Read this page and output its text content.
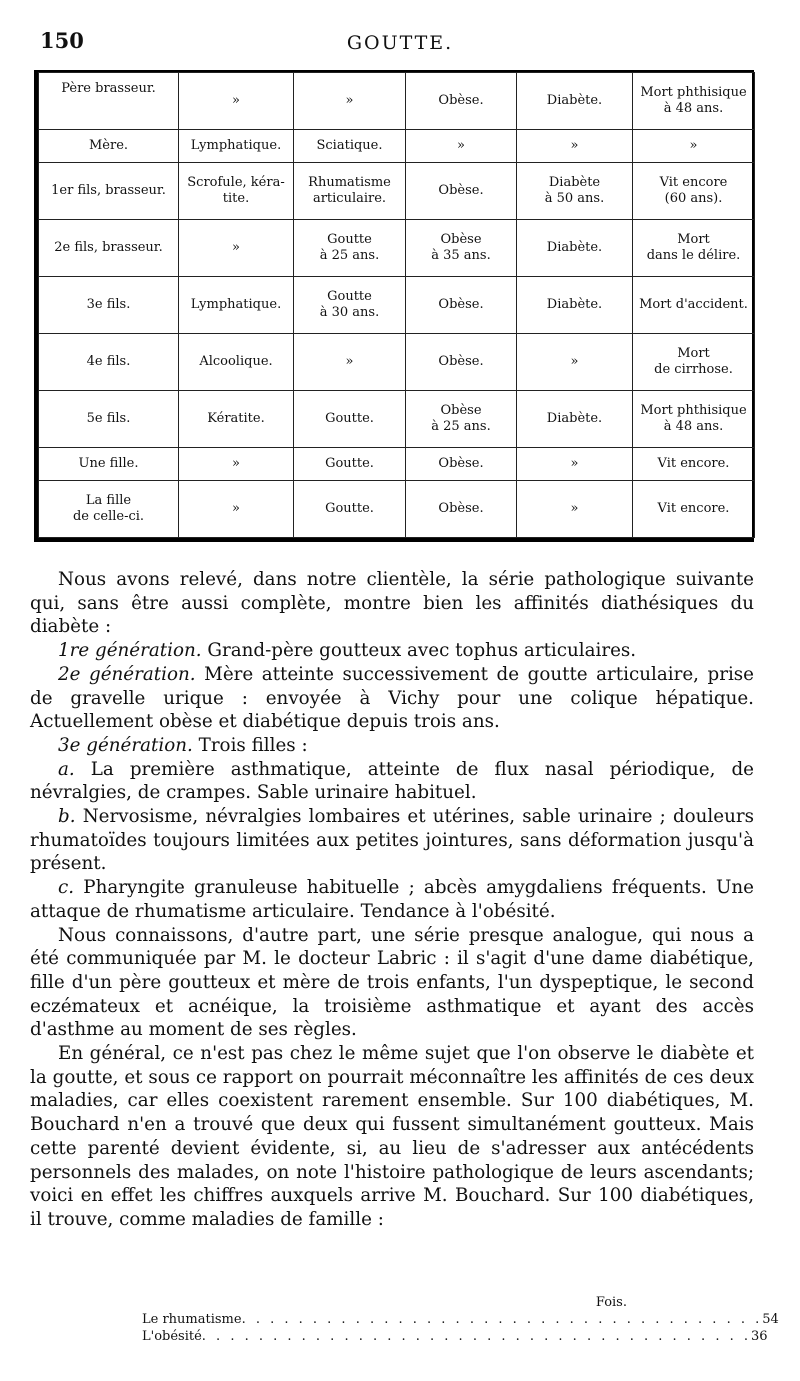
150	GOUTTE.
Père brasseur.	»	»	Obèse.	Diabète.	Mort phthisique
à 48 ans.
Mère.	Lymphatique.	Sciatique.	»	»	»
1er fils, brasseur.	Scrofule, kéra-
tite.	Rhumatisme
articulaire.	Obèse.	Diabète
à 50 ans.	Vit encore
(60 ans).
2e fils, brasseur.	»	Goutte
à 25 ans.	Obèse
à 35 ans.	Diabète.	Mort
dans le délire.
3e fils.	Lymphatique.	Goutte
à 30 ans.	Obèse.	Diabète.	Mort d'accident.
4e fils.	Alcoolique.	»	Obèse.	»	Mort
de cirrhose.
5e fils.	Kératite.	Goutte.	Obèse
à 25 ans.	Diabète.	Mort phthisique
à 48 ans.
Une fille.	»	Goutte.	Obèse.	»	Vit encore.
La fille
de celle-ci.	»	Goutte.	Obèse.	»	Vit encore.

Nous avons relevé, dans notre clientèle, la série pathologique suivante qui, sans être aussi complète, montre bien les affinités diathésiques du diabète :

1re génération. Grand-père goutteux avec tophus articulaires.

2e génération. Mère atteinte successivement de goutte articulaire, prise de gravelle urique : envoyée à Vichy pour une colique hépatique. Actuellement obèse et diabétique depuis trois ans.

3e génération. Trois filles :

a. La première asthmatique, atteinte de flux nasal périodique, de névralgies, de crampes. Sable urinaire habituel.

b. Nervosisme, névralgies lombaires et utérines, sable urinaire ; douleurs rhumatoïdes toujours limitées aux petites jointures, sans déformation jusqu'à présent.

c. Pharyngite granuleuse habituelle ; abcès amygdaliens fréquents. Une attaque de rhumatisme articulaire. Tendance à l'obésité.

Nous connaissons, d'autre part, une série presque analogue, qui nous a été communiquée par M. le docteur Labric : il s'agit d'une dame diabétique, fille d'un père goutteux et mère de trois enfants, l'un dyspeptique, le second eczémateux et acnéique, la troisième asthmatique et ayant des accès d'asthme au moment de ses règles.

En général, ce n'est pas chez le même sujet que l'on observe le diabète et la goutte, et sous ce rapport on pourrait méconnaître les affinités de ces deux maladies, car elles coexistent rarement ensemble. Sur 100 diabétiques, M. Bouchard n'en a trouvé que deux qui fussent simultanément goutteux. Mais cette parenté devient évidente, si, au lieu de s'adresser aux antécédents personnels des malades, on note l'histoire pathologique de leurs ascendants; voici en effet les chiffres auxquels arrive M. Bouchard. Sur 100 diabétiques, il trouve, comme maladies de famille :

Fois.
Le rhumatisme . . . . . . . . . . . . . . . . . . . . . . . . . . . . . . . . . . . . . 54
L'obésité . . . . . . . . . . . . . . . . . . . . . . . . . . . . . . . . . . . . . . . 36
